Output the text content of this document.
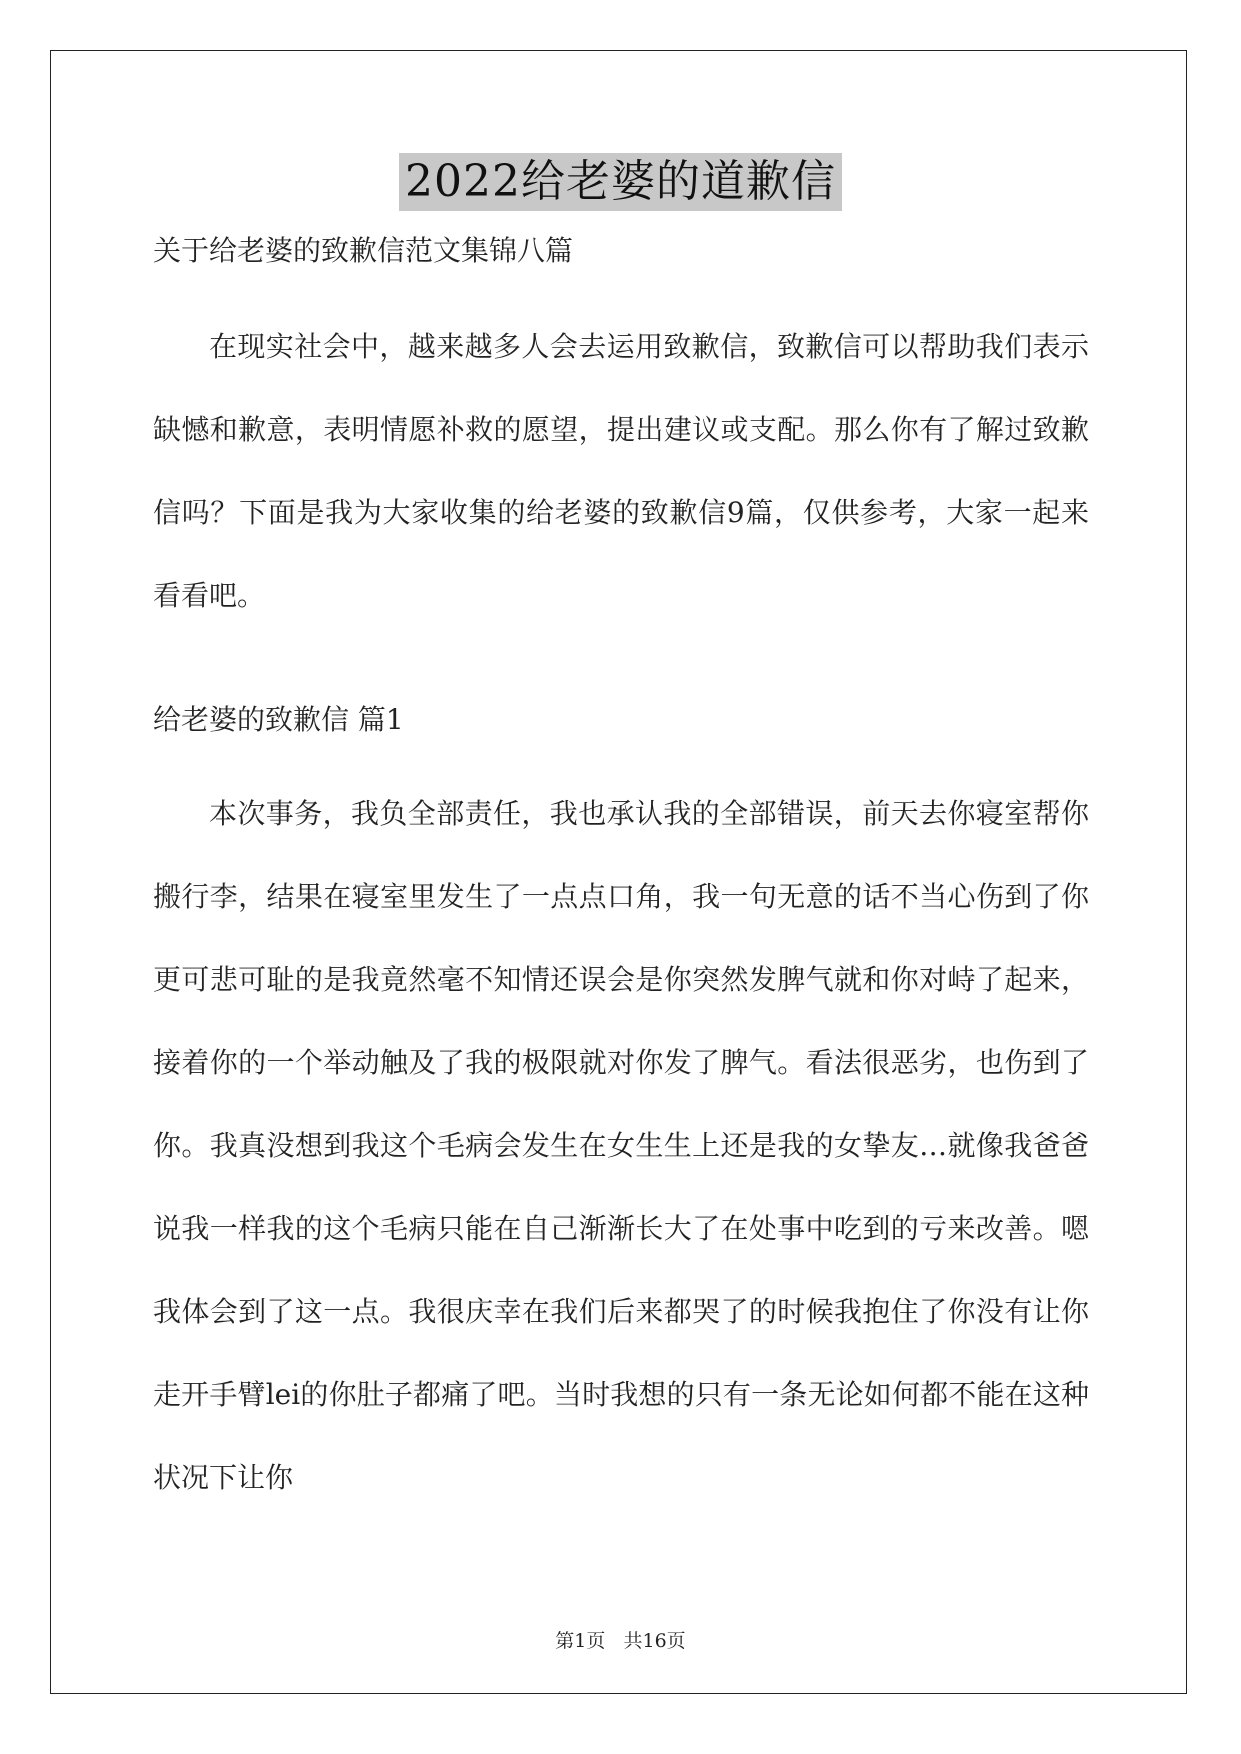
2022给老婆的道歉信
关于给老婆的致歉信范文集锦八篇
在现实社会中，越来越多人会去运用致歉信，致歉信可以帮助我们表示缺憾和歉意，表明情愿补救的愿望，提出建议或支配。那么你有了解过致歉信吗？下面是我为大家收集的给老婆的致歉信9篇，仅供参考，大家一起来看看吧。
给老婆的致歉信 篇1
本次事务，我负全部责任，我也承认我的全部错误，前天去你寝室帮你搬行李，结果在寝室里发生了一点点口角，我一句无意的话不当心伤到了你更可悲可耻的是我竟然毫不知情还误会是你突然发脾气就和你对峙了起来，接着你的一个举动触及了我的极限就对你发了脾气。看法很恶劣，也伤到了你。我真没想到我这个毛病会发生在女生生上还是我的女挚友…就像我爸爸说我一样我的这个毛病只能在自己渐渐长大了在处事中吃到的亏来改善。嗯我体会到了这一点。我很庆幸在我们后来都哭了的时候我抱住了你没有让你走开手臂lei的你肚子都痛了吧。当时我想的只有一条无论如何都不能在这种状况下让你
第1页   共16页
